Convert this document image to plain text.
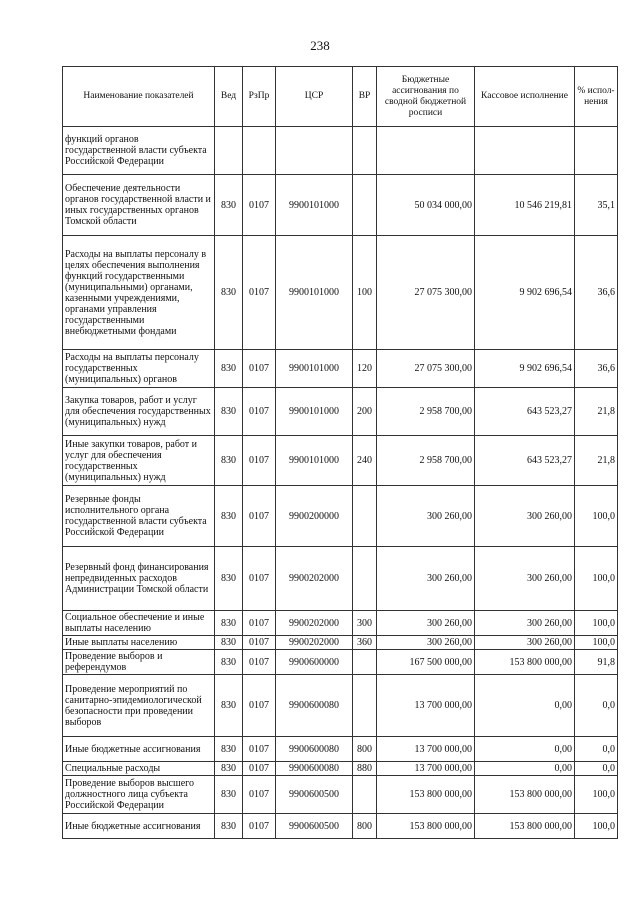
238
Наименование показателей	Вед	РзПр	ЦСР	ВР	Бюджетные ассигнования по сводной бюджетной росписи	Кассовое исполнение	% испол-нения
функций органов государственной власти субъекта Российской Федерации							
Обеспечение деятельности органов государственной власти и иных государственных органов Томской области	830	0107	9900101000		50 034 000,00	10 546 219,81	35,1
Расходы на выплаты персоналу в целях обеспечения выполнения функций государственными (муниципальными) органами, казенными учреждениями, органами управления государственными внебюджетными фондами	830	0107	9900101000	100	27 075 300,00	9 902 696,54	36,6
Расходы на выплаты персоналу государственных (муниципальных) органов	830	0107	9900101000	120	27 075 300,00	9 902 696,54	36,6
Закупка товаров, работ и услуг для обеспечения государственных (муниципальных) нужд	830	0107	9900101000	200	2 958 700,00	643 523,27	21,8
Иные закупки товаров, работ и услуг для обеспечения государственных (муниципальных) нужд	830	0107	9900101000	240	2 958 700,00	643 523,27	21,8
Резервные фонды исполнительного органа государственной власти субъекта Российской Федерации	830	0107	9900200000		300 260,00	300 260,00	100,0
Резервный фонд финансирования непредвиденных расходов Администрации Томской области	830	0107	9900202000		300 260,00	300 260,00	100,0
Социальное обеспечение и иные выплаты населению	830	0107	9900202000	300	300 260,00	300 260,00	100,0
Иные выплаты населению	830	0107	9900202000	360	300 260,00	300 260,00	100,0
Проведение выборов и референдумов	830	0107	9900600000		167 500 000,00	153 800 000,00	91,8
Проведение мероприятий по санитарно-эпидемиологической безопасности при проведении выборов	830	0107	9900600080		13 700 000,00	0,00	0,0
Иные бюджетные ассигнования	830	0107	9900600080	800	13 700 000,00	0,00	0,0
Специальные расходы	830	0107	9900600080	880	13 700 000,00	0,00	0,0
Проведение выборов высшего должностного лица субъекта Российской Федерации	830	0107	9900600500		153 800 000,00	153 800 000,00	100,0
Иные бюджетные ассигнования	830	0107	9900600500	800	153 800 000,00	153 800 000,00	100,0
